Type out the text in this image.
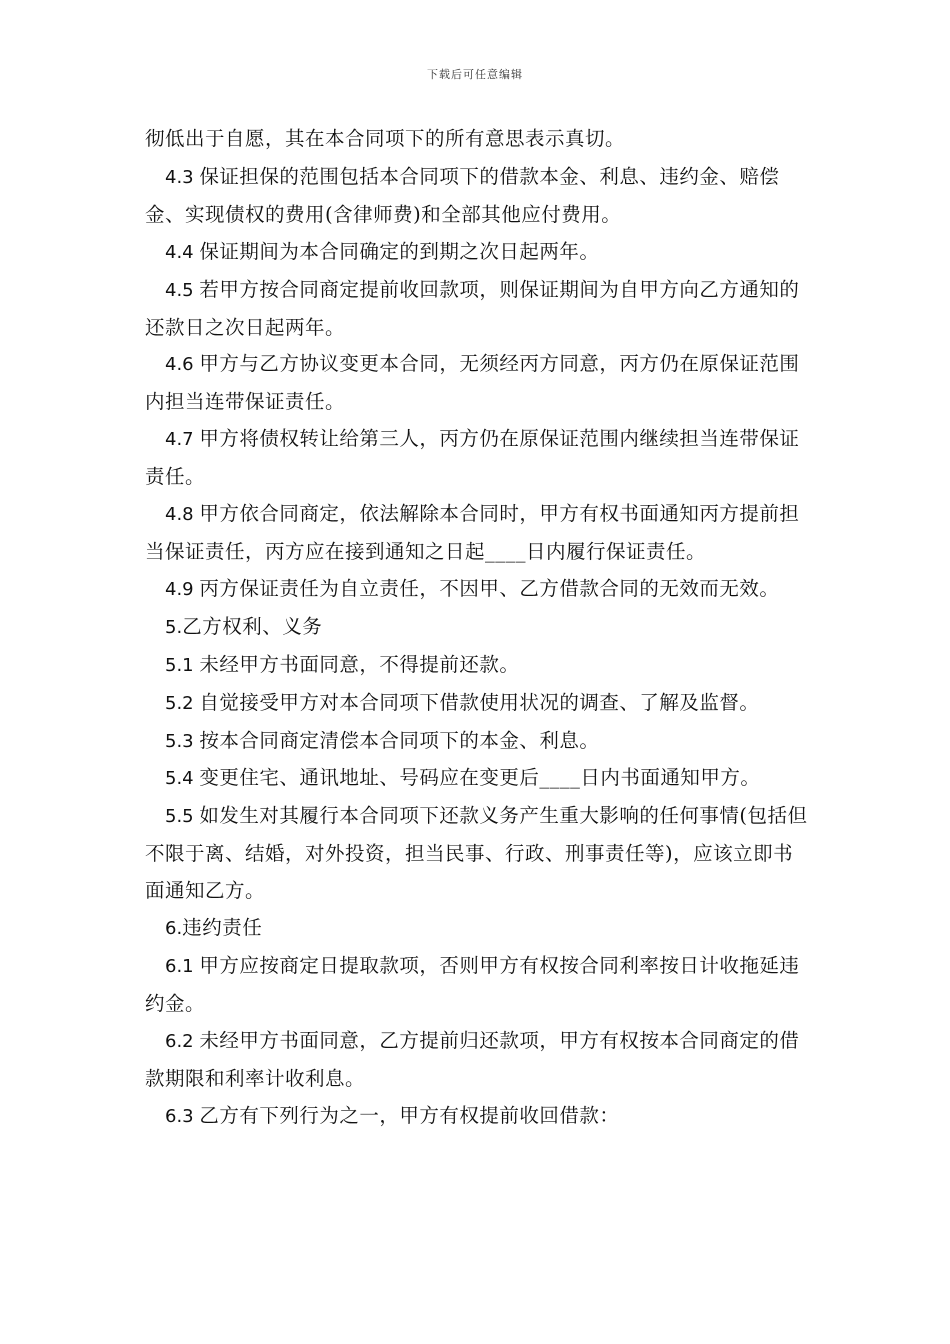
下载后可任意编辑

彻低出于自愿，其在本合同项下的所有意思表示真切。

4.3 保证担保的范围包括本合同项下的借款本金、利息、违约金、赔偿金、实现债权的费用(含律师费)和全部其他应付费用。

4.4 保证期间为本合同确定的到期之次日起两年。

4.5 若甲方按合同商定提前收回款项，则保证期间为自甲方向乙方通知的还款日之次日起两年。

4.6 甲方与乙方协议变更本合同，无须经丙方同意，丙方仍在原保证范围内担当连带保证责任。

4.7 甲方将债权转让给第三人，丙方仍在原保证范围内继续担当连带保证责任。

4.8 甲方依合同商定，依法解除本合同时，甲方有权书面通知丙方提前担当保证责任，丙方应在接到通知之日起____日内履行保证责任。

4.9 丙方保证责任为自立责任，不因甲、乙方借款合同的无效而无效。

5.乙方权利、义务

5.1 未经甲方书面同意，不得提前还款。

5.2 自觉接受甲方对本合同项下借款使用状况的调查、了解及监督。

5.3 按本合同商定清偿本合同项下的本金、利息。

5.4 变更住宅、通讯地址、号码应在变更后____日内书面通知甲方。

5.5 如发生对其履行本合同项下还款义务产生重大影响的任何事情(包括但不限于离、结婚，对外投资，担当民事、行政、刑事责任等)，应该立即书面通知乙方。

6.违约责任

6.1 甲方应按商定日提取款项，否则甲方有权按合同利率按日计收拖延违约金。

6.2 未经甲方书面同意，乙方提前归还款项，甲方有权按本合同商定的借款期限和利率计收利息。

6.3 乙方有下列行为之一，甲方有权提前收回借款：
